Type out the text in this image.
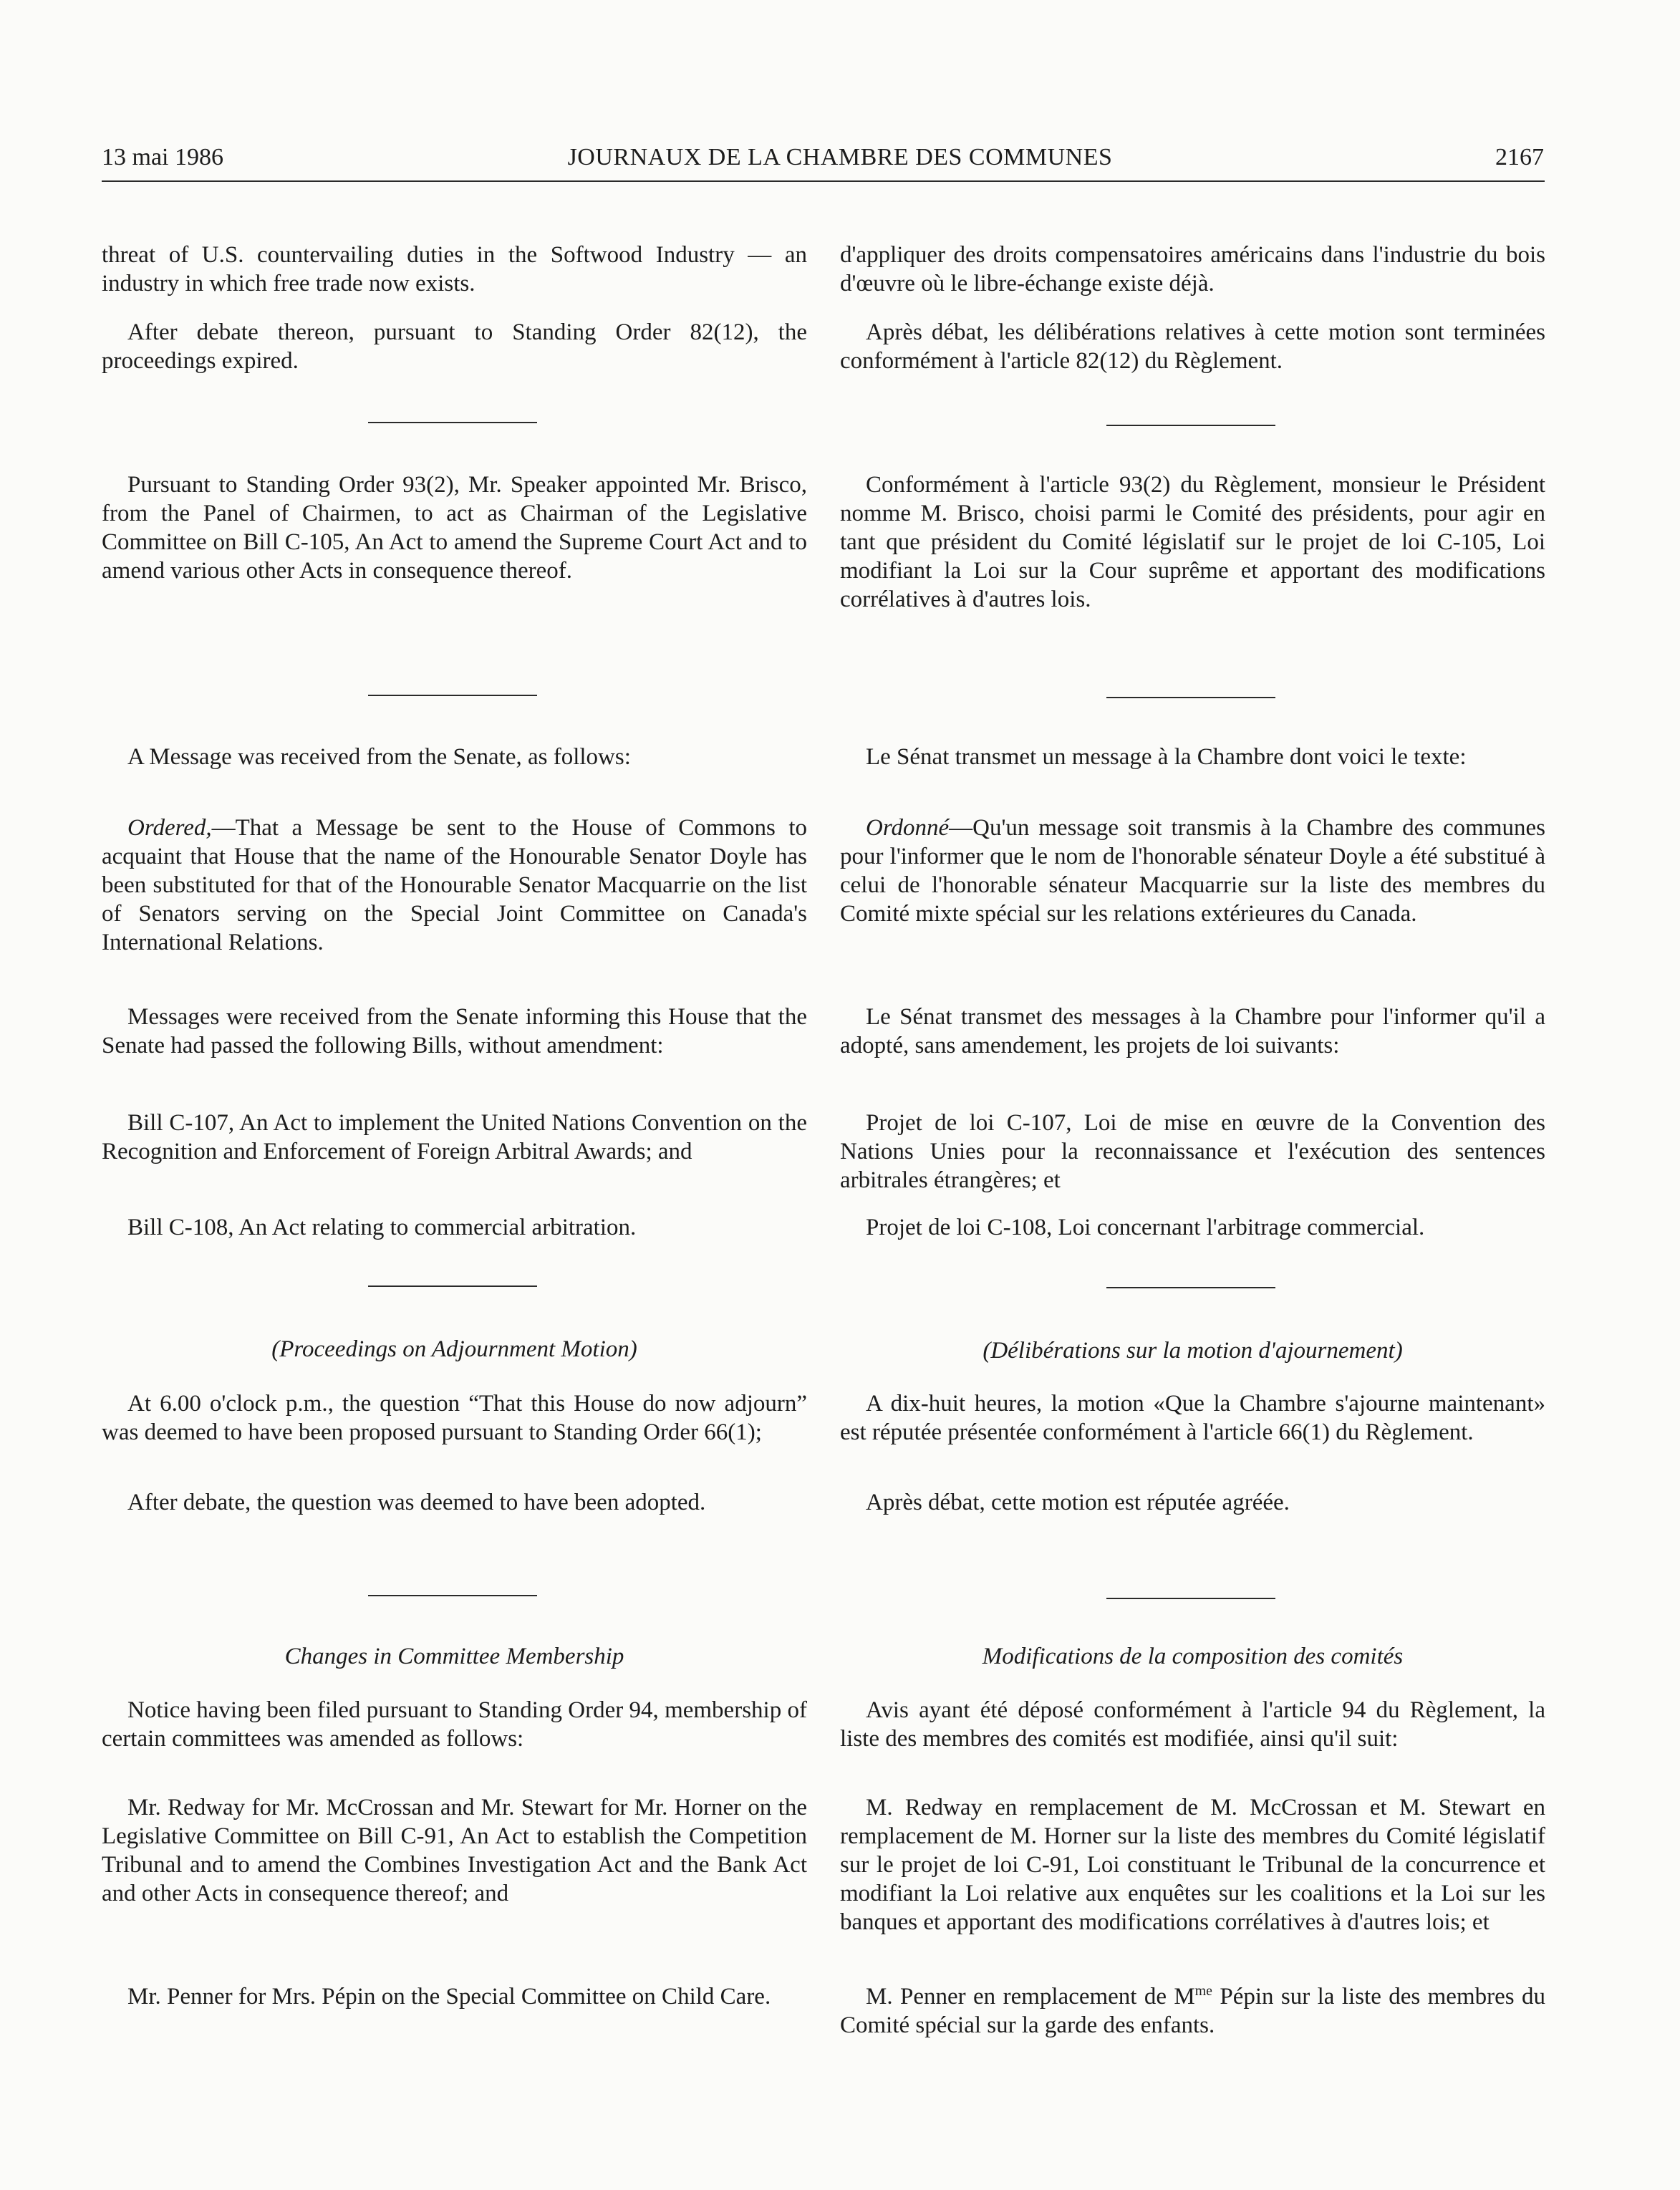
JOURNAUX DE LA CHAMBRE DES COMMUNES
13 mai 1986	2167

threat of U.S. countervailing duties in the Softwood Industry — an industry in which free trade now exists.

After debate thereon, pursuant to Standing Order 82(12), the proceedings expired.

Pursuant to Standing Order 93(2), Mr. Speaker appointed Mr. Brisco, from the Panel of Chairmen, to act as Chairman of the Legislative Committee on Bill C-105, An Act to amend the Supreme Court Act and to amend various other Acts in consequence thereof.

A Message was received from the Senate, as follows:

Ordered,—That a Message be sent to the House of Commons to acquaint that House that the name of the Honourable Senator Doyle has been substituted for that of the Honourable Senator Macquarrie on the list of Senators serving on the Special Joint Committee on Canada's International Relations.

Messages were received from the Senate informing this House that the Senate had passed the following Bills, without amendment:

Bill C-107, An Act to implement the United Nations Convention on the Recognition and Enforcement of Foreign Arbitral Awards; and

Bill C-108, An Act relating to commercial arbitration.

(Proceedings on Adjournment Motion)

At 6.00 o'clock p.m., the question “That this House do now adjourn” was deemed to have been proposed pursuant to Standing Order 66(1);

After debate, the question was deemed to have been adopted.

Changes in Committee Membership

Notice having been filed pursuant to Standing Order 94, membership of certain committees was amended as follows:

Mr. Redway for Mr. McCrossan and Mr. Stewart for Mr. Horner on the Legislative Committee on Bill C-91, An Act to establish the Competition Tribunal and to amend the Combines Investigation Act and the Bank Act and other Acts in consequence thereof; and

Mr. Penner for Mrs. Pépin on the Special Committee on Child Care.

d'appliquer des droits compensatoires américains dans l'industrie du bois d'œuvre où le libre-échange existe déjà.

Après débat, les délibérations relatives à cette motion sont terminées conformément à l'article 82(12) du Règlement.

Conformément à l'article 93(2) du Règlement, monsieur le Président nomme M. Brisco, choisi parmi le Comité des présidents, pour agir en tant que président du Comité législatif sur le projet de loi C-105, Loi modifiant la Loi sur la Cour suprême et apportant des modifications corrélatives à d'autres lois.

Le Sénat transmet un message à la Chambre dont voici le texte:

Ordonné—Qu'un message soit transmis à la Chambre des communes pour l'informer que le nom de l'honorable sénateur Doyle a été substitué à celui de l'honorable sénateur Macquarrie sur la liste des membres du Comité mixte spécial sur les relations extérieures du Canada.

Le Sénat transmet des messages à la Chambre pour l'informer qu'il a adopté, sans amendement, les projets de loi suivants:

Projet de loi C-107, Loi de mise en œuvre de la Convention des Nations Unies pour la reconnaissance et l'exécution des sentences arbitrales étrangères; et

Projet de loi C-108, Loi concernant l'arbitrage commercial.

(Délibérations sur la motion d'ajournement)

A dix-huit heures, la motion «Que la Chambre s'ajourne maintenant» est réputée présentée conformément à l'article 66(1) du Règlement.

Après débat, cette motion est réputée agréée.

Modifications de la composition des comités

Avis ayant été déposé conformément à l'article 94 du Règlement, la liste des membres des comités est modifiée, ainsi qu'il suit:

M. Redway en remplacement de M. McCrossan et M. Stewart en remplacement de M. Horner sur la liste des membres du Comité législatif sur le projet de loi C-91, Loi constituant le Tribunal de la concurrence et modifiant la Loi relative aux enquêtes sur les coalitions et la Loi sur les banques et apportant des modifications corrélatives à d'autres lois; et

M. Penner en remplacement de $M^{me}$ Pépin sur la liste des membres du Comité spécial sur la garde des enfants.
